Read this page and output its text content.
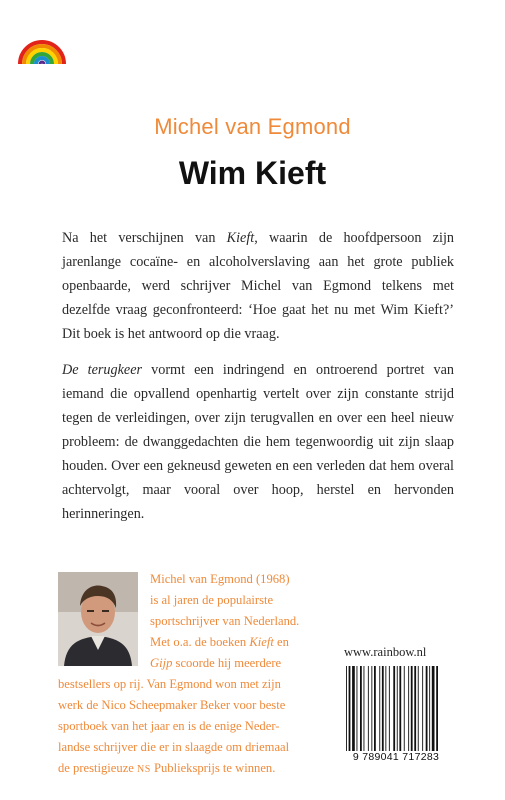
Michel van Egmond
Wim Kieft
Na het verschijnen van Kieft, waarin de hoofdpersoon zijn jarenlange cocaïne- en alcoholverslaving aan het grote publiek openbaarde, werd schrijver Michel van Egmond telkens met dezelfde vraag geconfronteerd: ‘Hoe gaat het nu met Wim Kieft?’ Dit boek is het antwoord op die vraag.
De terugkeer vormt een indringend en ontroerend portret van iemand die opvallend openhartig vertelt over zijn constante strijd tegen de verleidingen, over zijn terugvallen en over een heel nieuw probleem: de dwanggedachten die hem tegenwoordig uit zijn slaap houden. Over een gekneusd geweten en een verleden dat hem overal achtervolgt, maar vooral over hoop, herstel en hervonden herinneringen.
Michel van Egmond (1968)
is al jaren de populairste
sportschrijver van Nederland.
Met o.a. de boeken Kieft en
Gijp scoorde hij meerdere
bestsellers op rij. Van Egmond won met zijn
werk de Nico Scheepmaker Beker voor beste
sportboek van het jaar en is de enige Neder-
landse schrijver die er in slaagde om driemaal
de prestigieuze NS Publieksprijs te winnen.
www.rainbow.nl
9 789041 717283
